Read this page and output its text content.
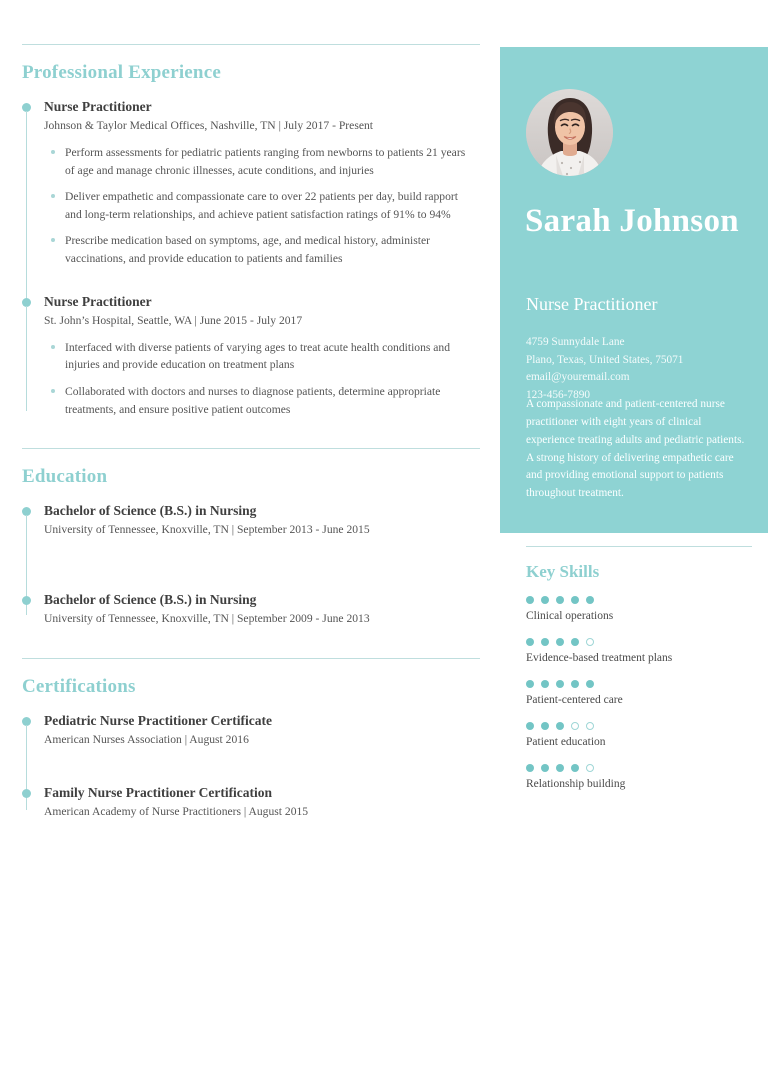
Professional Experience
Nurse Practitioner
Johnson & Taylor Medical Offices, Nashville, TN | July 2017 - Present
Perform assessments for pediatric patients ranging from newborns to patients 21 years of age and manage chronic illnesses, acute conditions, and injuries
Deliver empathetic and compassionate care to over 22 patients per day, build rapport and long-term relationships, and achieve patient satisfaction ratings of 91% to 94%
Prescribe medication based on symptoms, age, and medical history, administer vaccinations, and provide education to patients and families
Nurse Practitioner
St. John’s Hospital, Seattle, WA | June 2015 - July 2017
Interfaced with diverse patients of varying ages to treat acute health conditions and injuries and provide education on treatment plans
Collaborated with doctors and nurses to diagnose patients, determine appropriate treatments, and ensure positive patient outcomes
Education
Bachelor of Science (B.S.) in Nursing
University of Tennessee, Knoxville, TN | September 2013 - June 2015
Bachelor of Science (B.S.) in Nursing
University of Tennessee, Knoxville, TN | September 2009 - June 2013
Certifications
Pediatric Nurse Practitioner Certificate
American Nurses Association | August 2016
Family Nurse Practitioner Certification
American Academy of Nurse Practitioners | August 2015
Sarah Johnson
Nurse Practitioner
4759 Sunnydale Lane
Plano, Texas, United States, 75071
email@youremail.com
123-456-7890
A compassionate and patient-centered nurse practitioner with eight years of clinical experience treating adults and pediatric patients. A strong history of delivering empathetic care and providing emotional support to patients throughout treatment.
Key Skills
Clinical operations
Evidence-based treatment plans
Patient-centered care
Patient education
Relationship building
